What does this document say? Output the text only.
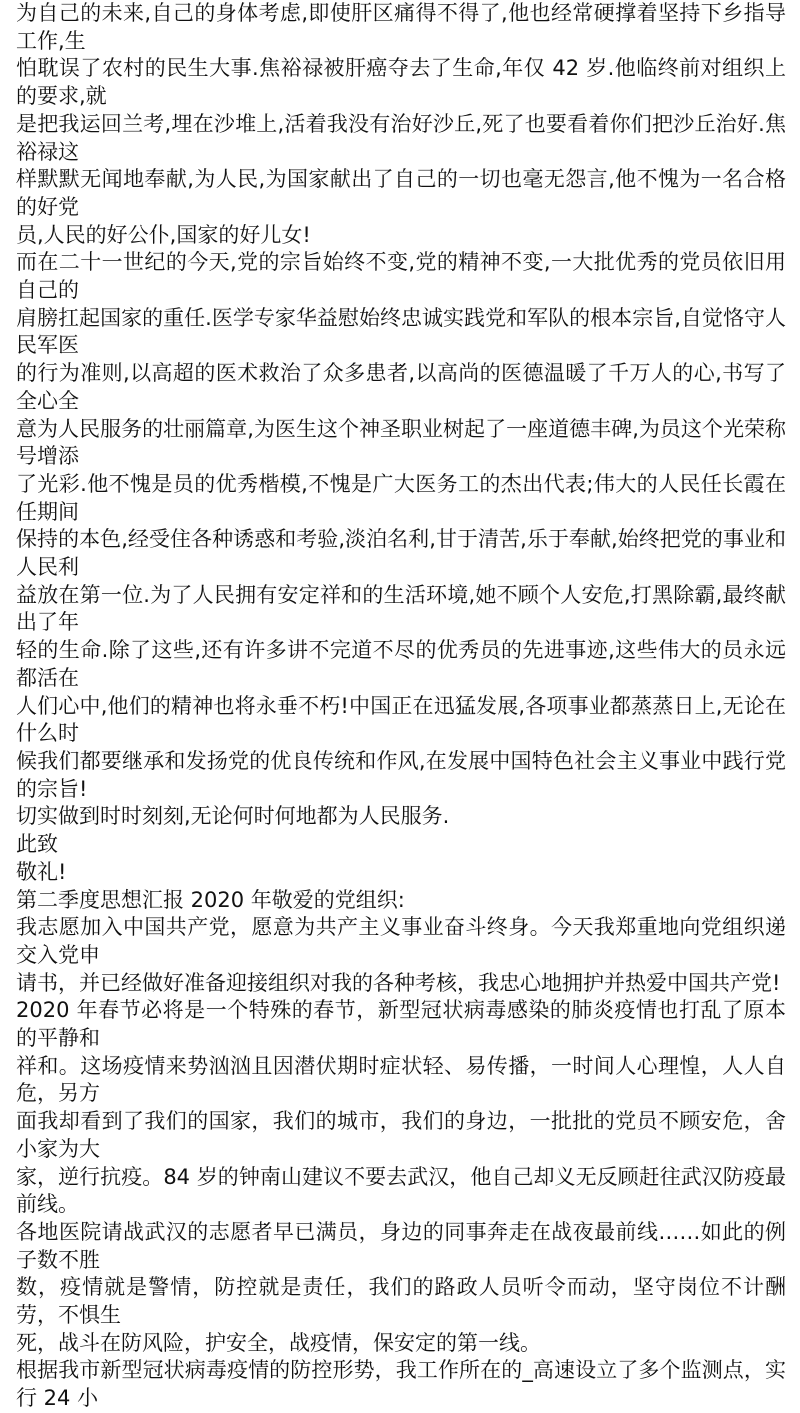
为自己的未来,自己的身体考虑,即使肝区痛得不得了,他也经常硬撑着坚持下乡指导工作,生
怕耽误了农村的民生大事.焦裕禄被肝癌夺去了生命,年仅 42 岁.他临终前对组织上的要求,就
是把我运回兰考,埋在沙堆上,活着我没有治好沙丘,死了也要看着你们把沙丘治好.焦裕禄这
样默默无闻地奉献,为人民,为国家献出了自己的一切也毫无怨言,他不愧为一名合格的好党
员,人民的好公仆,国家的好儿女!
而在二十一世纪的今天,党的宗旨始终不变,党的精神不变,一大批优秀的党员依旧用自己的
肩膀扛起国家的重任.医学专家华益慰始终忠诚实践党和军队的根本宗旨,自觉恪守人民军医
的行为准则,以高超的医术救治了众多患者,以高尚的医德温暖了千万人的心,书写了全心全
意为人民服务的壮丽篇章,为医生这个神圣职业树起了一座道德丰碑,为员这个光荣称号增添
了光彩.他不愧是员的优秀楷模,不愧是广大医务工的杰出代表;伟大的人民任长霞在任期间
保持的本色,经受住各种诱惑和考验,淡泊名利,甘于清苦,乐于奉献,始终把党的事业和人民利
益放在第一位.为了人民拥有安定祥和的生活环境,她不顾个人安危,打黑除霸,最终献出了年
轻的生命.除了这些,还有许多讲不完道不尽的优秀员的先进事迹,这些伟大的员永远都活在
人们心中,他们的精神也将永垂不朽!中国正在迅猛发展,各项事业都蒸蒸日上,无论在什么时
候我们都要继承和发扬党的优良传统和作风,在发展中国特色社会主义事业中践行党的宗旨!
切实做到时时刻刻,无论何时何地都为人民服务.
此致
敬礼!
第二季度思想汇报 2020 年敬爱的党组织:
我志愿加入中国共产党，愿意为共产主义事业奋斗终身。今天我郑重地向党组织递交入党申
请书，并已经做好准备迎接组织对我的各种考核，我忠心地拥护并热爱中国共产党!
2020 年春节必将是一个特殊的春节，新型冠状病毒感染的肺炎疫情也打乱了原本的平静和
祥和。这场疫情来势汹汹且因潜伏期时症状轻、易传播，一时间人心理惶，人人自危，另方
面我却看到了我们的国家，我们的城市，我们的身边，一批批的党员不顾安危，舍小家为大
家，逆行抗疫。84 岁的钟南山建议不要去武汉，他自己却义无反顾赶往武汉防疫最前线。
各地医院请战武汉的志愿者早已满员，身边的同事奔走在战夜最前线……如此的例子数不胜
数，疫情就是警情，防控就是责任，我们的路政人员听令而动，坚守岗位不计酬劳，不惧生
死，战斗在防风险，护安全，战疫情，保安定的第一线。
根据我市新型冠状病毒疫情的防控形势，我工作所在的_高速设立了多个监测点，实行 24 小
